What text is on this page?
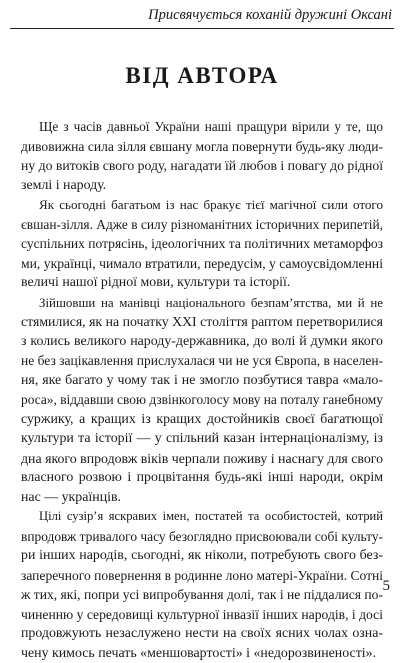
Присвячується коханій дружині Оксані
ВІД АВТОРА
Ще з часів давньої України наші пращури вірили у те, що
дивовижна сила зілля євшану могла повернути будь-яку люди-
ну до витоків свого роду, нагадати їй любов і повагу до рідної
землі і народу.
Як сьогодні багатьом із нас бракує тієї магічної сили отого
євшан-зілля. Адже в силу різноманітних історичних перипетій,
суспільних потрясінь, ідеологічних та політичних метаморфоз
ми, українці, чимало втратили, передусім, у самоусвідомленні
величі нашої рідної мови, культури та історії.
Зійшовши на манівці національного безпам’ятства, ми й не
стямилися, як на початку XXI століття раптом перетворилися
з колись великого народу-державника, до волі й думки якого
не без зацікавлення прислухалася чи не уся Європа, в населен-
ня, яке багато у чому так і не змогло позбутися тавра «мало-
роса», віддавши свою дзвінкоголосу мову на поталу ганебному
суржику, а кращих із кращих достойників своєї багатющої
культури та історії — у спільний казан інтернаціоналізму, із
дна якого впродовж віків черпали поживу і наснагу для свого
власного розвою і процвітання будь-які інші народи, окрім
нас — українців.
Цілі сузір’я яскравих імен, постатей та особистостей, котрий
впродовж тривалого часу безоглядно присвоювали собі культу-
ри інших народів, сьогодні, як ніколи, потребують свого без-
заперечного повернення в родинне лоно матері-України. Сотні
ж тих, які, попри усі випробування долі, так і не піддалися по-
чиненню у середовищі культурної інвазії інших народів, і досі
продовжують незаслужено нести на своїх ясних чолах озна-
чену кимось печать «меншовартості» і «недорозвиненості».
5
